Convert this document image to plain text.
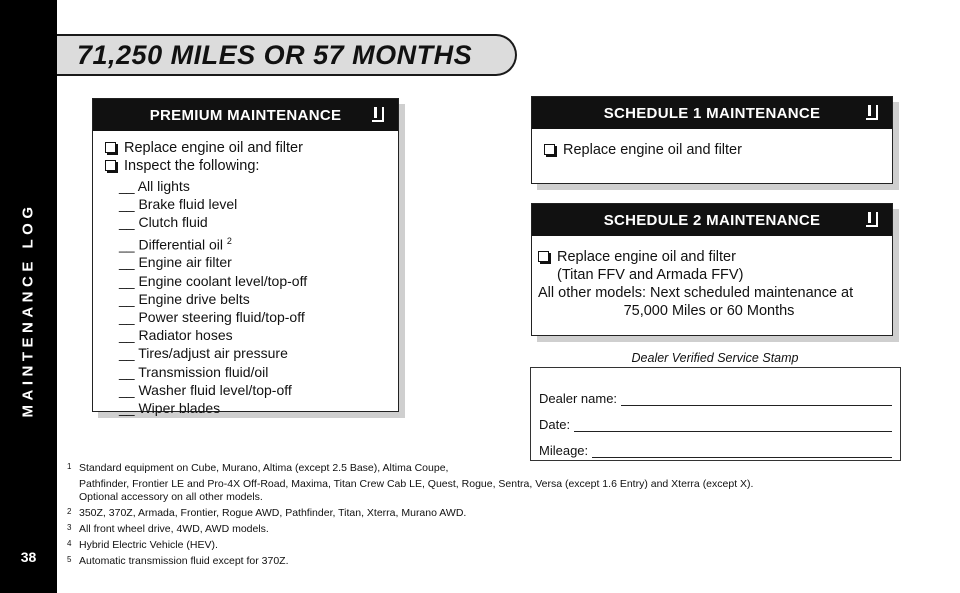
MAINTENANCE LOG
38
71,250 MILES OR 57 MONTHS
PREMIUM MAINTENANCE
Replace engine oil and filter
Inspect the following:
__ All lights
__ Brake fluid level
__ Clutch fluid
__ Differential oil $^2$
__ Engine air filter
__ Engine coolant level/top-off
__ Engine drive belts
__ Power steering fluid/top-off
__ Radiator hoses
__ Tires/adjust air pressure
__ Transmission fluid/oil
__ Washer fluid level/top-off
__ Wiper blades
SCHEDULE 1 MAINTENANCE
Replace engine oil and filter
SCHEDULE 2 MAINTENANCE
Replace engine oil and filter
(Titan FFV and Armada FFV)
All other models: Next scheduled maintenance at
75,000 Miles or 60 Months
Dealer Verified Service Stamp
Dealer name:
Date:
Mileage:
1 Standard equipment on Cube, Murano, Altima (except 2.5 Base), Altima Coupe,
Pathfinder, Frontier LE and Pro-4X Off-Road, Maxima, Titan Crew Cab LE, Quest, Rogue, Sentra, Versa (except 1.6 Entry) and Xterra (except X).
Optional accessory on all other models.
2 350Z, 370Z, Armada, Frontier, Rogue AWD, Pathfinder, Titan, Xterra, Murano AWD.
3 All front wheel drive, 4WD, AWD models.
4 Hybrid Electric Vehicle (HEV).
5 Automatic transmission fluid except for 370Z.
